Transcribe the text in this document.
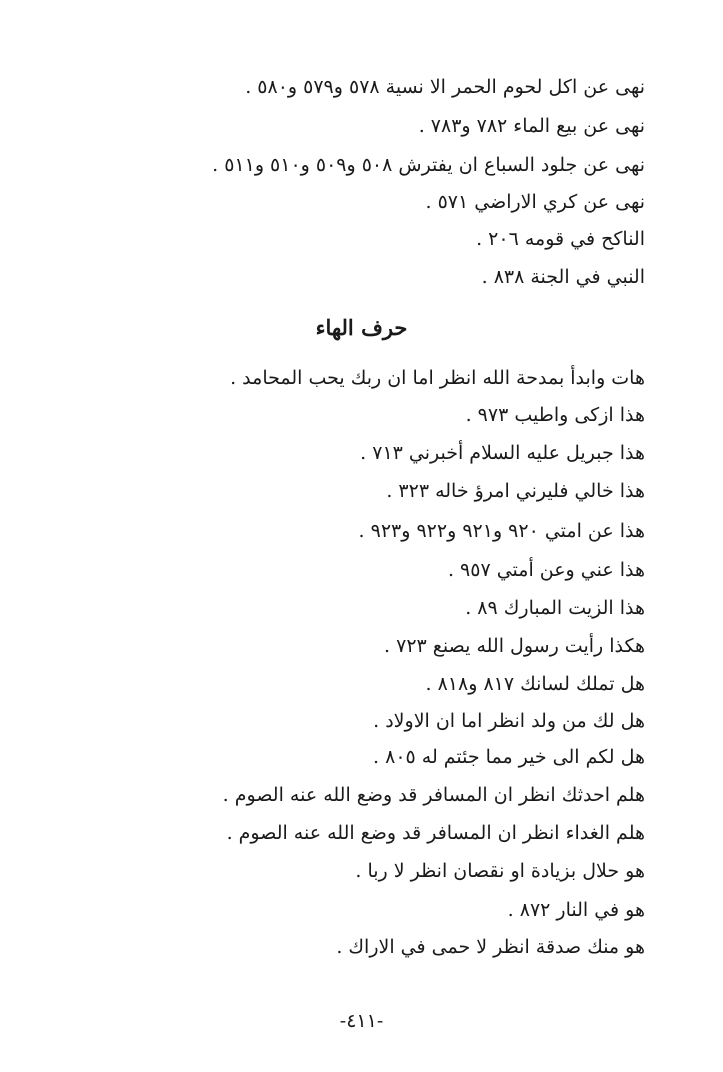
نهى عن اكل لحوم الحمر الا نسية ٥٧٨ و٥٧٩ و٥٨٠ .
نهى عن بيع الماء ٧٨٢ و٧٨٣ .
نهى عن جلود السباع ان يفترش ٥٠٨ و٥٠٩ و٥١٠ و٥١١ .
نهى عن كري الاراضي ٥٧١ .
الناكح في قومه ٢٠٦ .
النبي في الجنة ٨٣٨ .
حرف الهاء
هات وابدأ بمدحة الله انظر اما ان ربك يحب المحامد .
هذا ازكى واطيب ٩٧٣ .
هذا جبريل عليه السلام أخبرني ٧١٣ .
هذا خالي فليرني امرؤ خاله ٣٢٣ .
هذا عن امتي ٩٢٠ و٩٢١ و٩٢٢ و٩٢٣ .
هذا عني وعن أمتي ٩٥٧ .
هذا الزيت المبارك ٨٩ .
هكذا رأيت رسول الله يصنع ٧٢٣ .
هل تملك لسانك ٨١٧ و٨١٨ .
هل لك من ولد انظر اما ان الاولاد .
هل لكم الى خير مما جئتم له ٨٠٥ .
هلم احدثك انظر ان المسافر قد وضع الله عنه الصوم .
هلم الغداء انظر ان المسافر قد وضع الله عنه الصوم .
هو حلال بزيادة او نقصان انظر لا ربا .
هو في النار ٨٧٢ .
هو منك صدقة انظر لا حمى في الاراك .
-٤١١-
